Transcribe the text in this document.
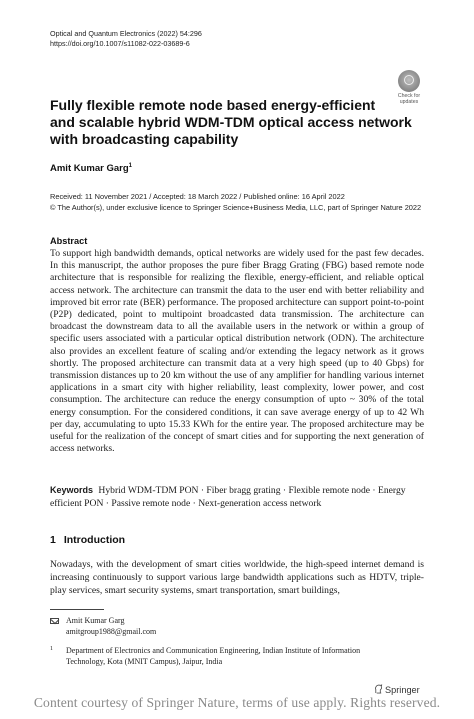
Optical and Quantum Electronics (2022) 54:296
https://doi.org/10.1007/s11082-022-03689-6
Check for
updates
Fully flexible remote node based energy-efficient
and scalable hybrid WDM-TDM optical access network
with broadcasting capability
Amit Kumar Garg$^1$
Received: 11 November 2021 / Accepted: 18 March 2022 / Published online: 16 April 2022
© The Author(s), under exclusive licence to Springer Science+Business Media, LLC, part of Springer Nature 2022
Abstract

To support high bandwidth demands, optical networks are widely used for the past few decades. In this manuscript, the author proposes the pure fiber Bragg Grating (FBG) based remote node architecture that is responsible for realizing the flexible, energy-efficient, and reliable optical access network. The architecture can transmit the data to the user end with better reliability and improved bit error rate (BER) performance. The proposed architecture can support point-to-point (P2P) dedicated, point to multipoint broadcasted data transmission. The architecture can broadcast the downstream data to all the available users in the network or within a group of specific users associated with a particular optical distribution network (ODN). The architecture also provides an excellent feature of scaling and/or extending the legacy network as it grows shortly. The proposed architecture can transmit data at a very high speed (up to 40 Gbps) for transmission distances up to 20 km without the use of any amplifier for handling various internet applications in a smart city with higher reliability, least complexity, lower power, and cost consumption. The architecture can reduce the energy consumption of upto ~ 30% of the total energy consumption. For the considered conditions, it can save average energy of up to 42 Wh per day, accumulating to upto 15.33 KWh for the entire year. The proposed architecture may be useful for the realization of the concept of smart cities and for supporting the next generation of access networks.

Keywords Hybrid WDM-TDM PON · Fiber bragg grating · Flexible remote node · Energy efficient PON · Passive remote node · Next-generation access network
1 Introduction

Nowadays, with the development of smart cities worldwide, the high-speed internet demand is increasing continuously to support various large bandwidth applications such as HDTV, triple-play services, smart security systems, smart transportation, smart buildings,

Amit Kumar Garg
amitgroup1988@gmail.com
1 Department of Electronics and Communication Engineering, Indian Institute of Information
Technology, Kota (MNIT Campus), Jaipur, India
Springer
Content courtesy of Springer Nature, terms of use apply. Rights reserved.
